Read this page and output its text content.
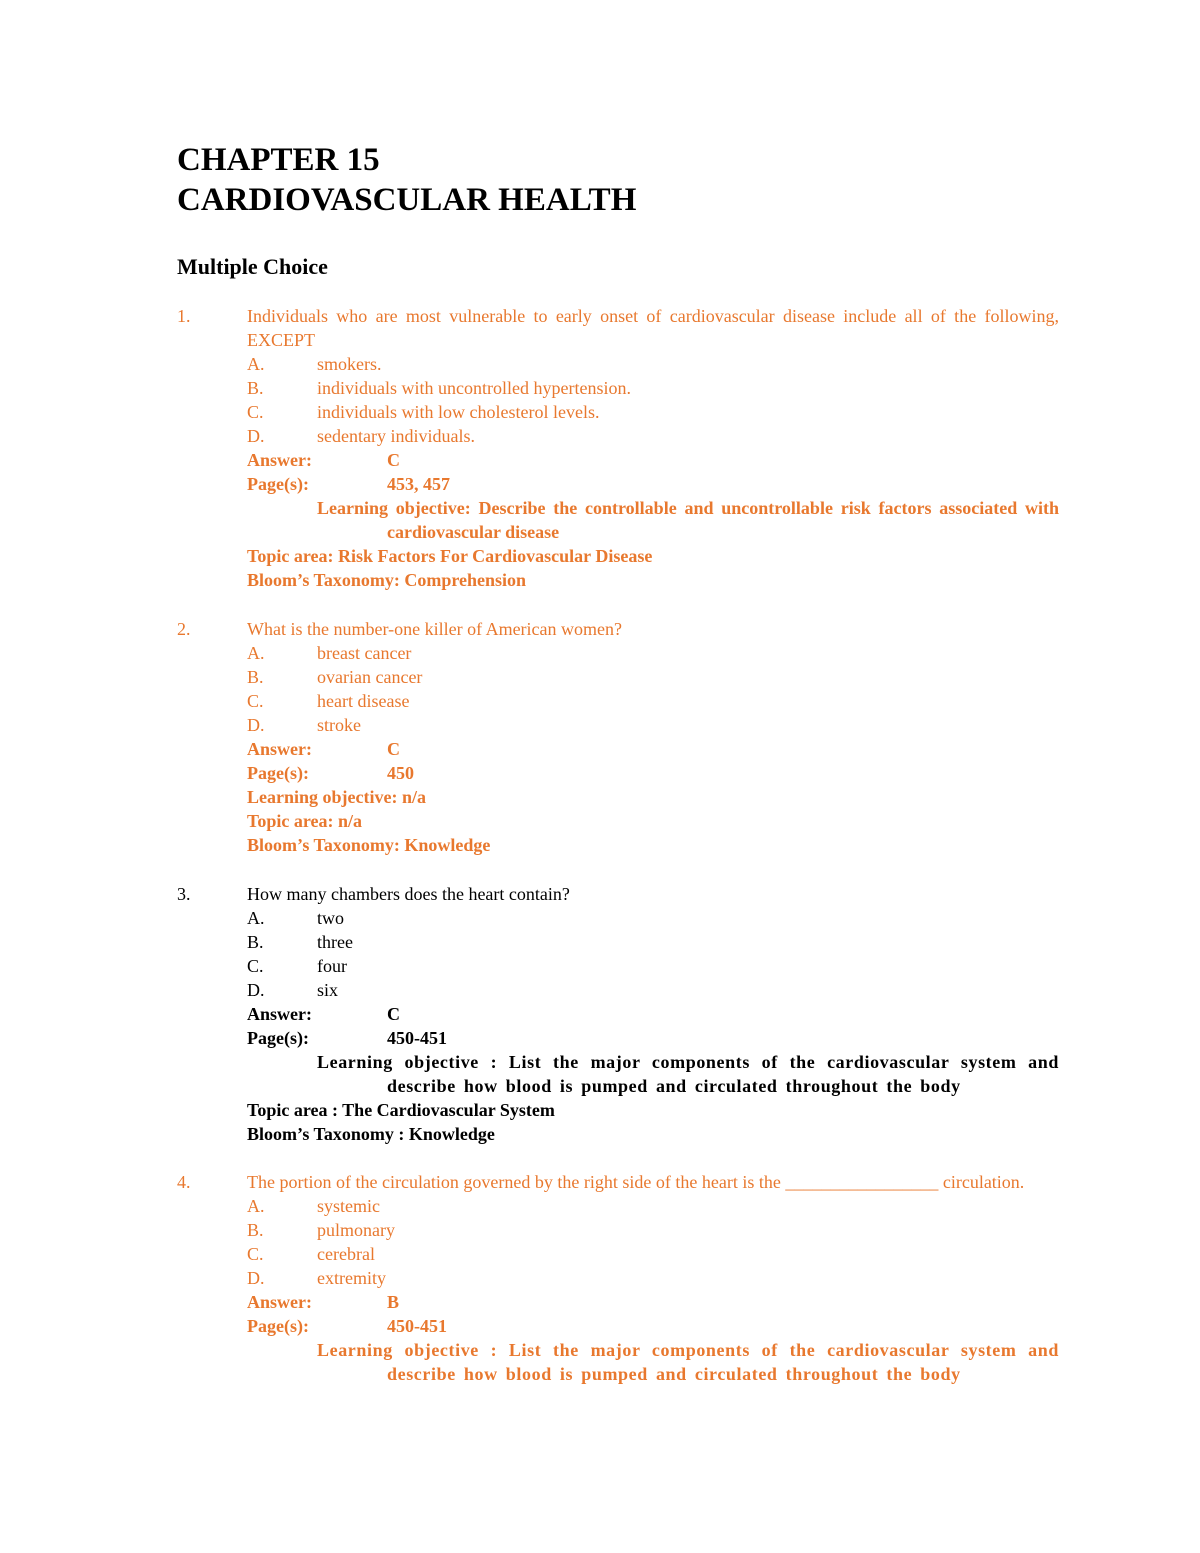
CHAPTER 15
CARDIOVASCULAR HEALTH
Multiple Choice
1.	Individuals who are most vulnerable to early onset of cardiovascular disease include all of the following, EXCEPT
A.	smokers.
B.	individuals with uncontrolled hypertension.
C.	individuals with low cholesterol levels.
D.	sedentary individuals.
Answer:	C
Page(s):	453, 457
Learning objective: Describe the controllable and uncontrollable risk factors associated with cardiovascular disease
Topic area: Risk Factors For Cardiovascular Disease
Bloom’s Taxonomy: Comprehension
2.	What is the number-one killer of American women?
A.	breast cancer
B.	ovarian cancer
C.	heart disease
D.	stroke
Answer:	C
Page(s):	450
Learning objective: n/a
Topic area: n/a
Bloom’s Taxonomy: Knowledge
3.	How many chambers does the heart contain?
A.	two
B.	three
C.	four
D.	six
Answer:	C
Page(s):	450-451
Learning objective : List the major components of the cardiovascular system and describe how blood is pumped and circulated throughout the body
Topic area : The Cardiovascular System
Bloom’s Taxonomy : Knowledge
4.	The portion of the circulation governed by the right side of the heart is the _________________ circulation.
A.	systemic
B.	pulmonary
C.	cerebral
D.	extremity
Answer:	B
Page(s):	450-451
Learning objective : List the major components of the cardiovascular system and describe how blood is pumped and circulated throughout the body
